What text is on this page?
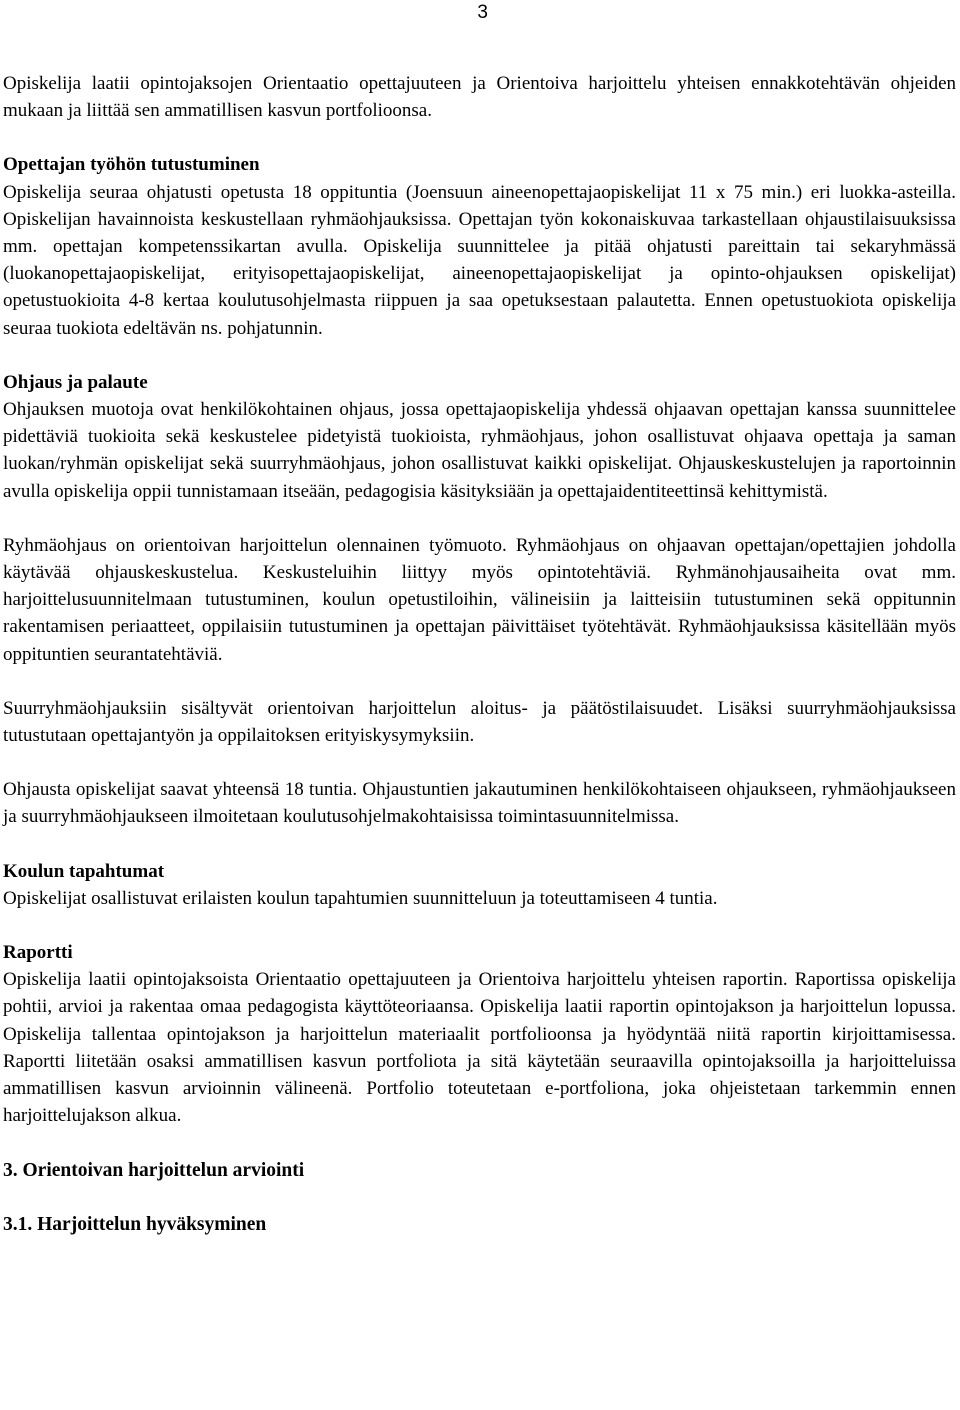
3

Opiskelija laatii opintojaksojen Orientaatio opettajuuteen ja Orientoiva harjoittelu yhteisen ennakkotehtävän ohjeiden mukaan ja liittää sen ammatillisen kasvun portfolioonsa.

Opettajan työhön tutustuminen

Opiskelija seuraa ohjatusti opetusta 18 oppituntia (Joensuun aineenopettajaopiskelijat 11 x 75 min.) eri luokka-asteilla. Opiskelijan havainnoista keskustellaan ryhmäohjauksissa. Opettajan työn kokonaiskuvaa tarkastellaan ohjaustilaisuuksissa mm. opettajan kompetenssikartan avulla. Opiskelija suunnittelee ja pitää ohjatusti pareittain tai sekaryhmässä (luokanopettajaopiskelijat, erityisopettajaopiskelijat, aineenopettajaopiskelijat ja opinto-ohjauksen opiskelijat) opetustuokioita 4-8 kertaa koulutusohjelmasta riippuen ja saa opetuksestaan palautetta. Ennen opetustuokiota opiskelija seuraa tuokiota edeltävän ns. pohjatunnin.

Ohjaus ja palaute

Ohjauksen muotoja ovat henkilökohtainen ohjaus, jossa opettajaopiskelija yhdessä ohjaavan opettajan kanssa suunnittelee pidettäviä tuokioita sekä keskustelee pidetyistä tuokioista, ryhmäohjaus, johon osallistuvat ohjaava opettaja ja saman luokan/ryhmän opiskelijat sekä suurryhmäohjaus, johon osallistuvat kaikki opiskelijat. Ohjauskeskustelujen ja raportoinnin avulla opiskelija oppii tunnistamaan itseään, pedagogisia käsityksiään ja opettajaidentiteettinsä kehittymistä.

Ryhmäohjaus on orientoivan harjoittelun olennainen työmuoto. Ryhmäohjaus on ohjaavan opettajan/opettajien johdolla käytävää ohjauskeskustelua. Keskusteluihin liittyy myös opintotehtäviä. Ryhmänohjausaiheita ovat mm. harjoittelusuunnitelmaan tutustuminen, koulun opetustiloihin, välineisiin ja laitteisiin tutustuminen sekä oppitunnin rakentamisen periaatteet, oppilaisiin tutustuminen ja opettajan päivittäiset työtehtävät. Ryhmäohjauksissa käsitellään myös oppituntien seurantatehtäviä.

Suurryhmäohjauksiin sisältyvät orientoivan harjoittelun aloitus- ja päätöstilaisuudet. Lisäksi suurryhmäohjauksissa tutustutaan opettajantyön ja oppilaitoksen erityiskysymyksiin.

Ohjausta opiskelijat saavat yhteensä 18 tuntia. Ohjaustuntien jakautuminen henkilökohtaiseen ohjaukseen, ryhmäohjaukseen ja suurryhmäohjaukseen ilmoitetaan koulutusohjelmakohtaisissa toimintasuunnitelmissa.

Koulun tapahtumat

Opiskelijat osallistuvat erilaisten koulun tapahtumien suunnitteluun ja toteuttamiseen 4 tuntia.

Raportti

Opiskelija laatii opintojaksoista Orientaatio opettajuuteen ja Orientoiva harjoittelu yhteisen raportin. Raportissa opiskelija pohtii, arvioi ja rakentaa omaa pedagogista käyttöteoriaansa. Opiskelija laatii raportin opintojakson ja harjoittelun lopussa. Opiskelija tallentaa opintojakson ja harjoittelun materiaalit portfolioonsa ja hyödyntää niitä raportin kirjoittamisessa. Raportti liitetään osaksi ammatillisen kasvun portfoliota ja sitä käytetään seuraavilla opintojaksoilla ja harjoitteluissa ammatillisen kasvun arvioinnin välineenä. Portfolio toteutetaan e-portfoliona, joka ohjeistetaan tarkemmin ennen harjoittelujakson alkua.

3. Orientoivan harjoittelun arviointi

3.1. Harjoittelun hyväksyminen
